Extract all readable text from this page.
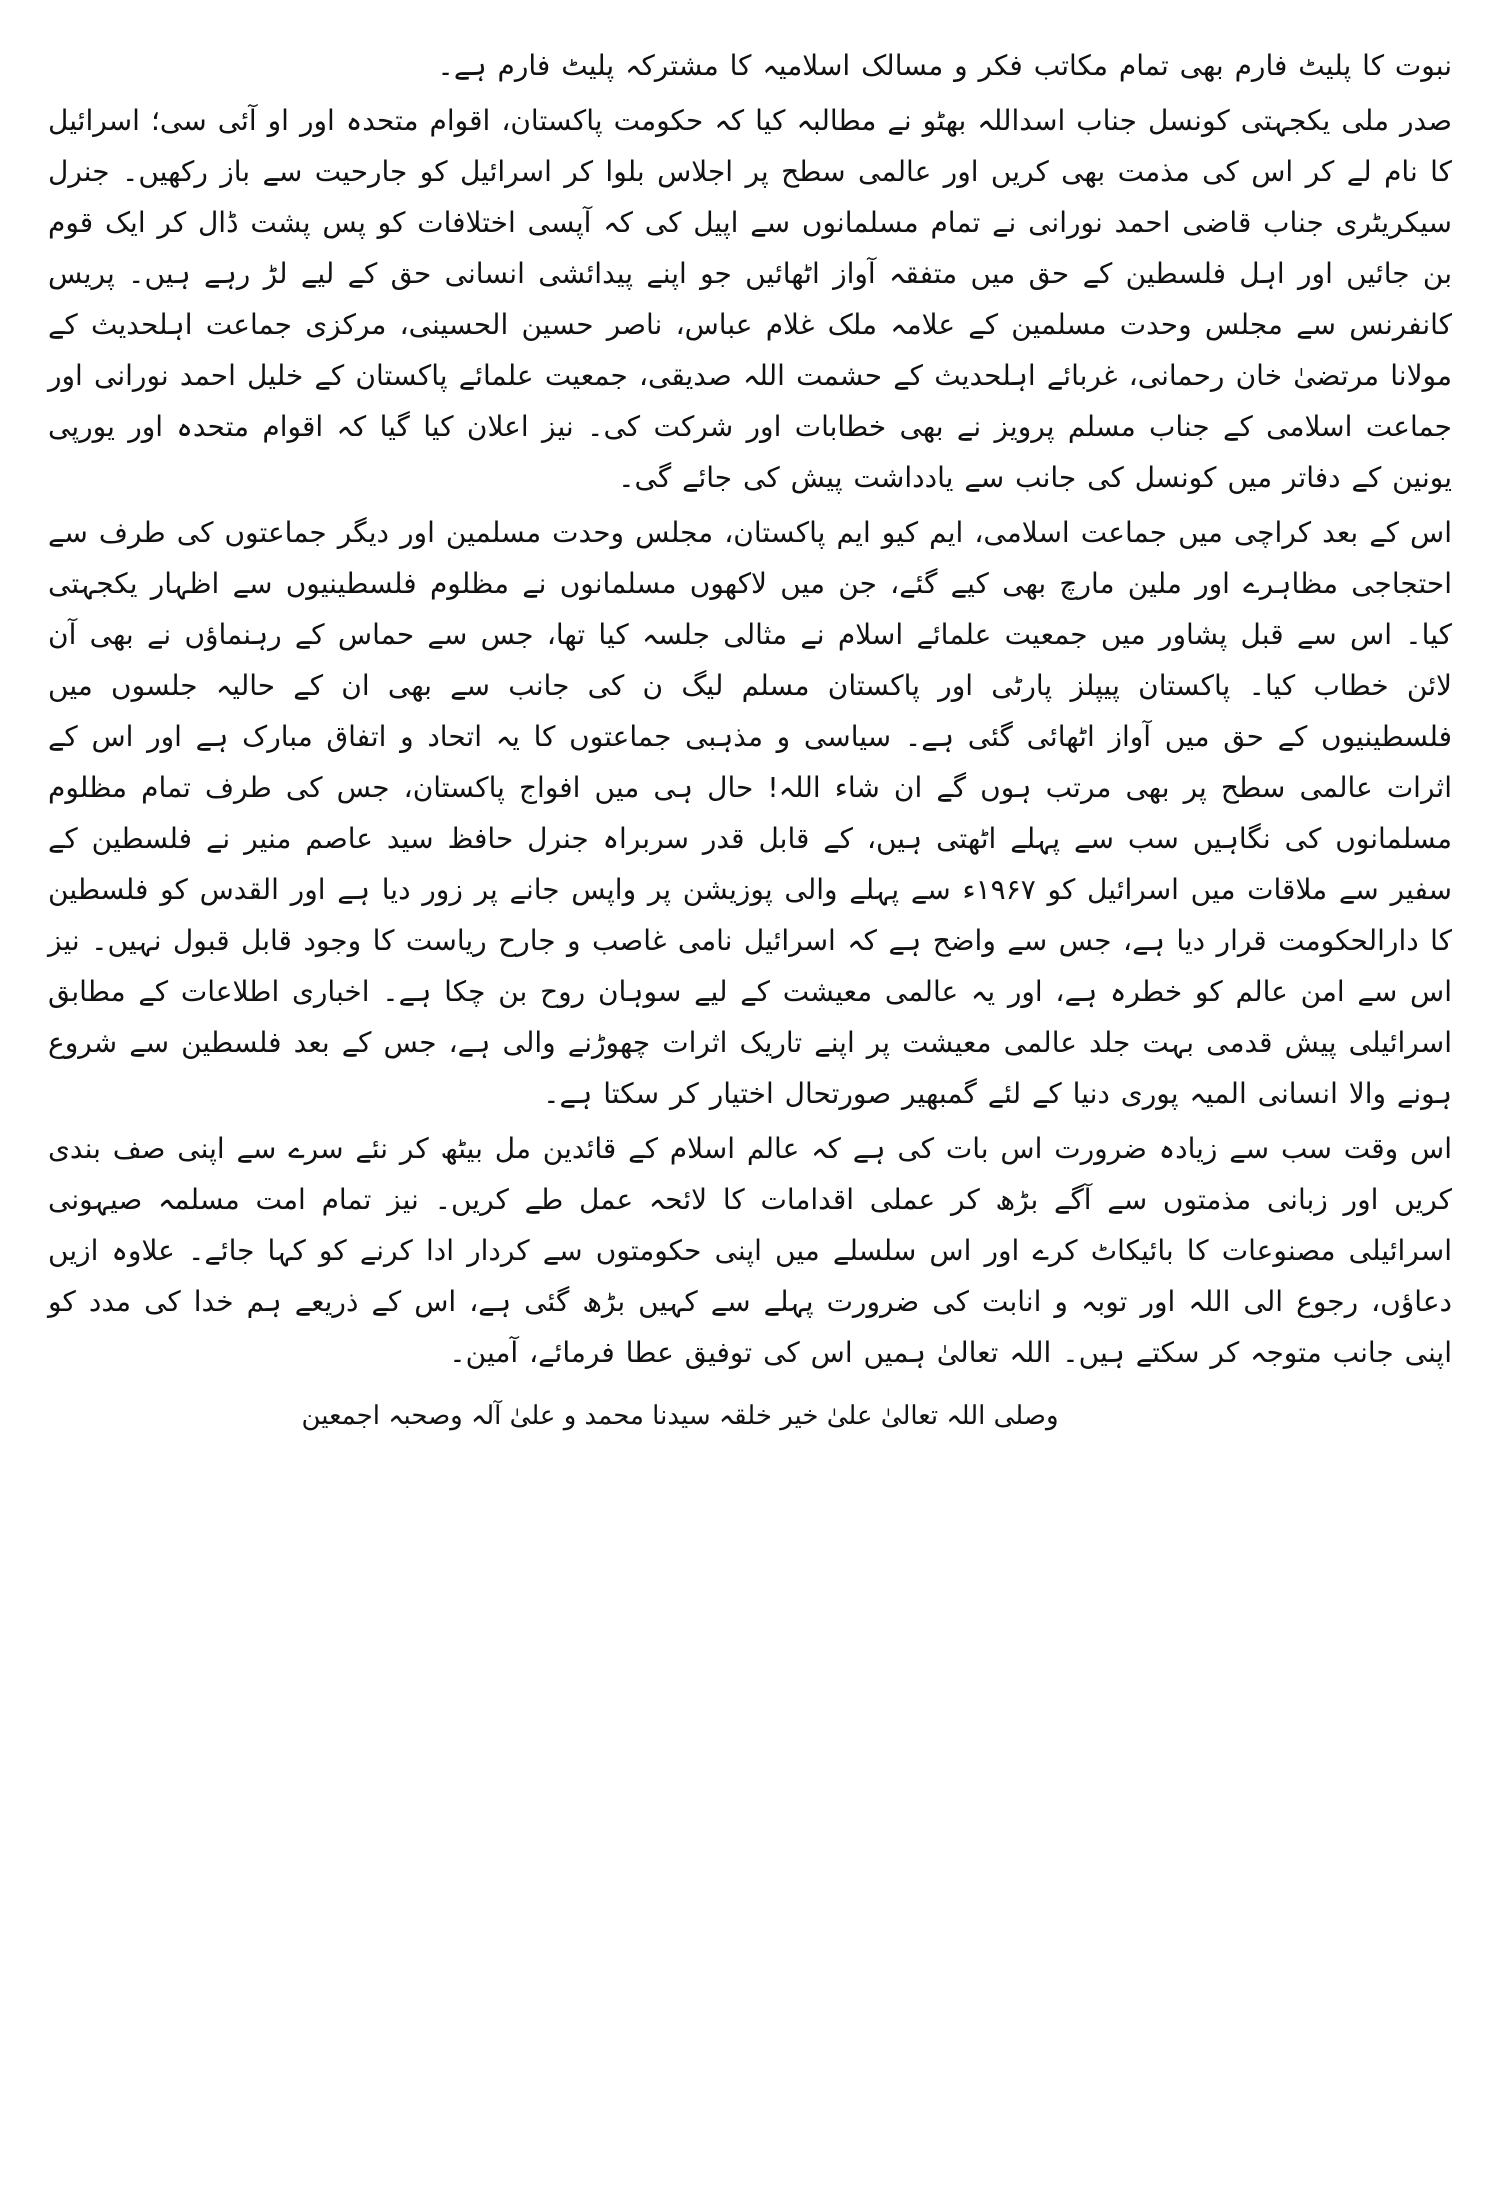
نبوت کا پلیٹ فارم بھی تمام مکاتب فکر و مسالک اسلامیہ کا مشترکہ پلیٹ فارم ہے۔

صدر ملی یکجہتی کونسل جناب اسداللہ بھٹو نے مطالبہ کیا کہ حکومت پاکستان، اقوام متحدہ اور او آئی سی؛ اسرائیل کا نام لے کر اس کی مذمت بھی کریں اور عالمی سطح پر اجلاس بلوا کر اسرائیل کو جارحیت سے باز رکھیں۔ جنرل سیکریٹری جناب قاضی احمد نورانی نے تمام مسلمانوں سے اپیل کی کہ آپسی اختلافات کو پس پشت ڈال کر ایک قوم بن جائیں اور اہل فلسطین کے حق میں متفقہ آواز اٹھائیں جو اپنے پیدائشی انسانی حق کے لیے لڑ رہے ہیں۔ پریس کانفرنس سے مجلس وحدت مسلمین کے علامہ ملک غلام عباس، ناصر حسین الحسینی، مرکزی جماعت اہلحدیث کے مولانا مرتضیٰ خان رحمانی، غربائے اہلحدیث کے حشمت اللہ صدیقی، جمعیت علمائے پاکستان کے خلیل احمد نورانی اور جماعت اسلامی کے جناب مسلم پرویز نے بھی خطابات اور شرکت کی۔ نیز اعلان کیا گیا کہ اقوام متحدہ اور یورپی یونین کے دفاتر میں کونسل کی جانب سے یادداشت پیش کی جائے گی۔

اس کے بعد کراچی میں جماعت اسلامی، ایم کیو ایم پاکستان، مجلس وحدت مسلمین اور دیگر جماعتوں کی طرف سے احتجاجی مظاہرے اور ملین مارچ بھی کیے گئے، جن میں لاکھوں مسلمانوں نے مظلوم فلسطینیوں سے اظہار یکجہتی کیا۔ اس سے قبل پشاور میں جمعیت علمائے اسلام نے مثالی جلسہ کیا تھا، جس سے حماس کے رہنماؤں نے بھی آن لائن خطاب کیا۔ پاکستان پیپلز پارٹی اور پاکستان مسلم لیگ ن کی جانب سے بھی ان کے حالیہ جلسوں میں فلسطینیوں کے حق میں آواز اٹھائی گئی ہے۔ سیاسی و مذہبی جماعتوں کا یہ اتحاد و اتفاق مبارک ہے اور اس کے اثرات عالمی سطح پر بھی مرتب ہوں گے ان شاء اللہ! حال ہی میں افواج پاکستان، جس کی طرف تمام مظلوم مسلمانوں کی نگاہیں سب سے پہلے اٹھتی ہیں، کے قابل قدر سربراہ جنرل حافظ سید عاصم منیر نے فلسطین کے سفیر سے ملاقات میں اسرائیل کو ۱۹۶۷ء سے پہلے والی پوزیشن پر واپس جانے پر زور دیا ہے اور القدس کو فلسطین کا دارالحکومت قرار دیا ہے، جس سے واضح ہے کہ اسرائیل نامی غاصب و جارح ریاست کا وجود قابل قبول نہیں۔ نیز اس سے امن عالم کو خطرہ ہے، اور یہ عالمی معیشت کے لیے سوہان روح بن چکا ہے۔ اخباری اطلاعات کے مطابق اسرائیلی پیش قدمی بہت جلد عالمی معیشت پر اپنے تاریک اثرات چھوڑنے والی ہے، جس کے بعد فلسطین سے شروع ہونے والا انسانی المیہ پوری دنیا کے لئے گمبھیر صورتحال اختیار کر سکتا ہے۔

اس وقت سب سے زیادہ ضرورت اس بات کی ہے کہ عالم اسلام کے قائدین مل بیٹھ کر نئے سرے سے اپنی صف بندی کریں اور زبانی مذمتوں سے آگے بڑھ کر عملی اقدامات کا لائحہ عمل طے کریں۔ نیز تمام امت مسلمہ صیہونی اسرائیلی مصنوعات کا بائیکاٹ کرے اور اس سلسلے میں اپنی حکومتوں سے کردار ادا کرنے کو کہا جائے۔ علاوہ ازیں دعاؤں، رجوع الی اللہ اور توبہ و انابت کی ضرورت پہلے سے کہیں بڑھ گئی ہے، اس کے ذریعے ہم خدا کی مدد کو اپنی جانب متوجہ کر سکتے ہیں۔ اللہ تعالیٰ ہمیں اس کی توفیق عطا فرمائے، آمین۔

وصلی اللہ تعالیٰ علیٰ خیر خلقہ سیدنا محمد و علیٰ آلہ وصحبہ اجمعین
